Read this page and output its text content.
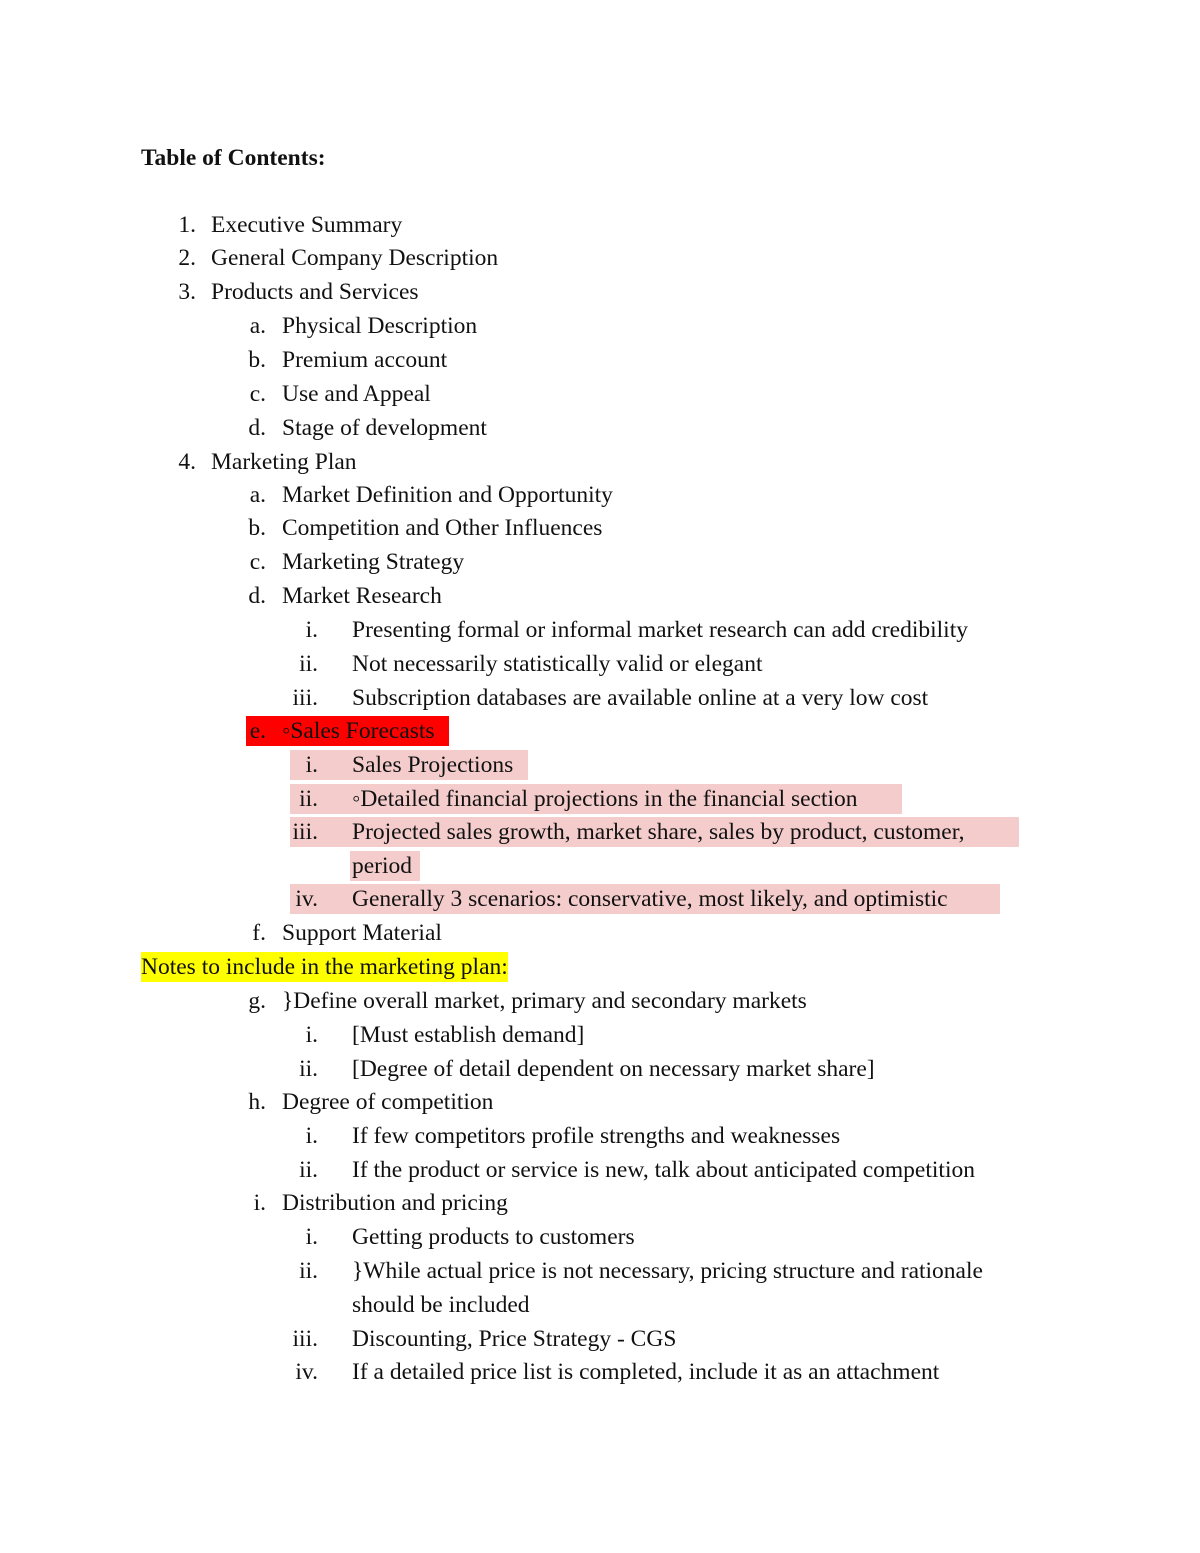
Table of Contents:
1. Executive Summary
2. General Company Description
3. Products and Services
a. Physical Description
b. Premium account
c. Use and Appeal
d. Stage of development
4. Marketing Plan
a. Market Definition and Opportunity
b. Competition and Other Influences
c. Marketing Strategy
d. Market Research
i. Presenting formal or informal market research can add credibility
ii. Not necessarily statistically valid or elegant
iii. Subscription databases are available online at a very low cost
e. ◦Sales Forecasts
i. Sales Projections
ii. ◦Detailed financial projections in the financial section
iii. Projected sales growth, market share, sales by product, customer,
period
iv. Generally 3 scenarios: conservative, most likely, and optimistic
f. Support Material
Notes to include in the marketing plan:
g. }Define overall market, primary and secondary markets
i. [Must establish demand]
ii. [Degree of detail dependent on necessary market share]
h. Degree of competition
i. If few competitors profile strengths and weaknesses
ii. If the product or service is new, talk about anticipated competition
i. Distribution and pricing
i. Getting products to customers
ii. }While actual price is not necessary, pricing structure and rationale
should be included
iii. Discounting, Price Strategy - CGS
iv. If a detailed price list is completed, include it as an attachment
